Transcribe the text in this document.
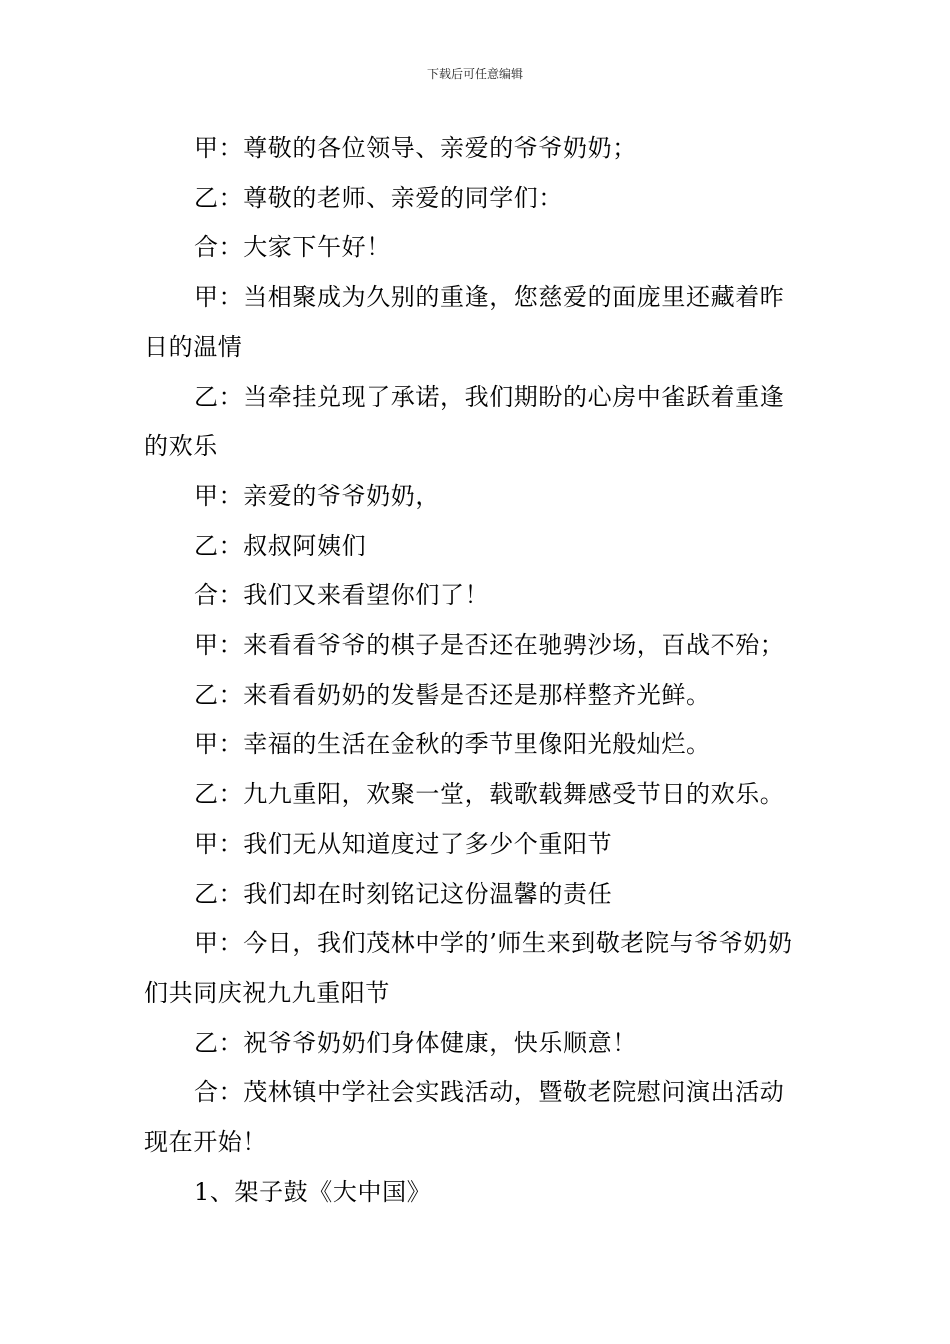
下载后可任意编辑

甲：尊敬的各位领导、亲爱的爷爷奶奶；

乙：尊敬的老师、亲爱的同学们：

合：大家下午好！

甲：当相聚成为久别的重逢，您慈爱的面庞里还藏着昨日的温情

乙：当牵挂兑现了承诺，我们期盼的心房中雀跃着重逢的欢乐

甲：亲爱的爷爷奶奶，

乙：叔叔阿姨们

合：我们又来看望你们了！

甲：来看看爷爷的棋子是否还在驰骋沙场，百战不殆；

乙：来看看奶奶的发髻是否还是那样整齐光鲜。

甲：幸福的生活在金秋的季节里像阳光般灿烂。

乙：九九重阳，欢聚一堂，载歌载舞感受节日的欢乐。

甲：我们无从知道度过了多少个重阳节

乙：我们却在时刻铭记这份温馨的责任

甲：今日，我们茂林中学的’师生来到敬老院与爷爷奶奶们共同庆祝九九重阳节

乙：祝爷爷奶奶们身体健康，快乐顺意！

合：茂林镇中学社会实践活动，暨敬老院慰问演出活动现在开始！

1、架子鼓《大中国》
